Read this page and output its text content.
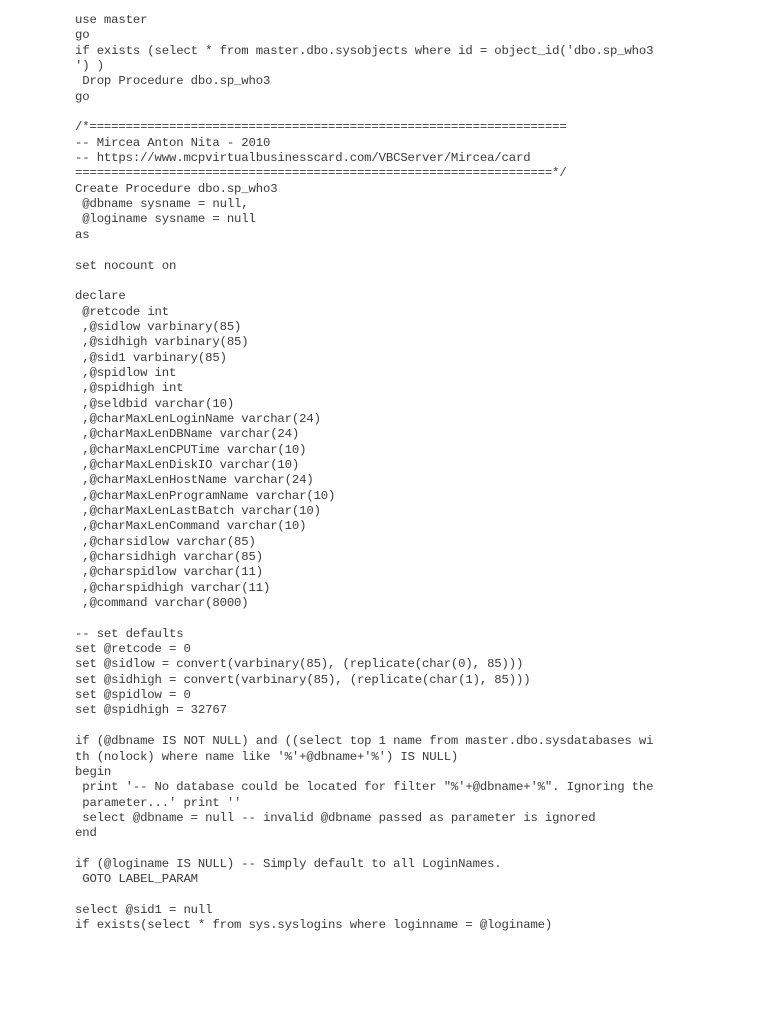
use master
go
if exists (select * from master.dbo.sysobjects where id = object_id('dbo.sp_who3
') )
Drop Procedure dbo.sp_who3
go
/*==================================================================
-- Mircea Anton Nita - 2010
-- https://www.mcpvirtualbusinesscard.com/VBCServer/Mircea/card
==================================================================*/
Create Procedure dbo.sp_who3
@dbname sysname = null,
@loginame sysname = null
as
set nocount on
declare
@retcode int
,@sidlow varbinary(85)
,@sidhigh varbinary(85)
,@sid1 varbinary(85)
,@spidlow int
,@spidhigh int
,@seldbid varchar(10)
,@charMaxLenLoginName varchar(24)
,@charMaxLenDBName varchar(24)
,@charMaxLenCPUTime varchar(10)
,@charMaxLenDiskIO varchar(10)
,@charMaxLenHostName varchar(24)
,@charMaxLenProgramName varchar(10)
,@charMaxLenLastBatch varchar(10)
,@charMaxLenCommand varchar(10)
,@charsidlow varchar(85)
,@charsidhigh varchar(85)
,@charspidlow varchar(11)
,@charspidhigh varchar(11)
,@command varchar(8000)
-- set defaults
set @retcode = 0
set @sidlow = convert(varbinary(85), (replicate(char(0), 85)))
set @sidhigh = convert(varbinary(85), (replicate(char(1), 85)))
set @spidlow = 0
set @spidhigh = 32767
if (@dbname IS NOT NULL) and ((select top 1 name from master.dbo.sysdatabases wi
th (nolock) where name like '%'+@dbname+'%') IS NULL)
begin
print '-- No database could be located for filter "%'+@dbname+'%". Ignoring the
parameter...' print ''
select @dbname = null -- invalid @dbname passed as parameter is ignored
end
if (@loginame IS NULL) -- Simply default to all LoginNames.
GOTO LABEL_PARAM
select @sid1 = null
if exists(select * from sys.syslogins where loginname = @loginame)
